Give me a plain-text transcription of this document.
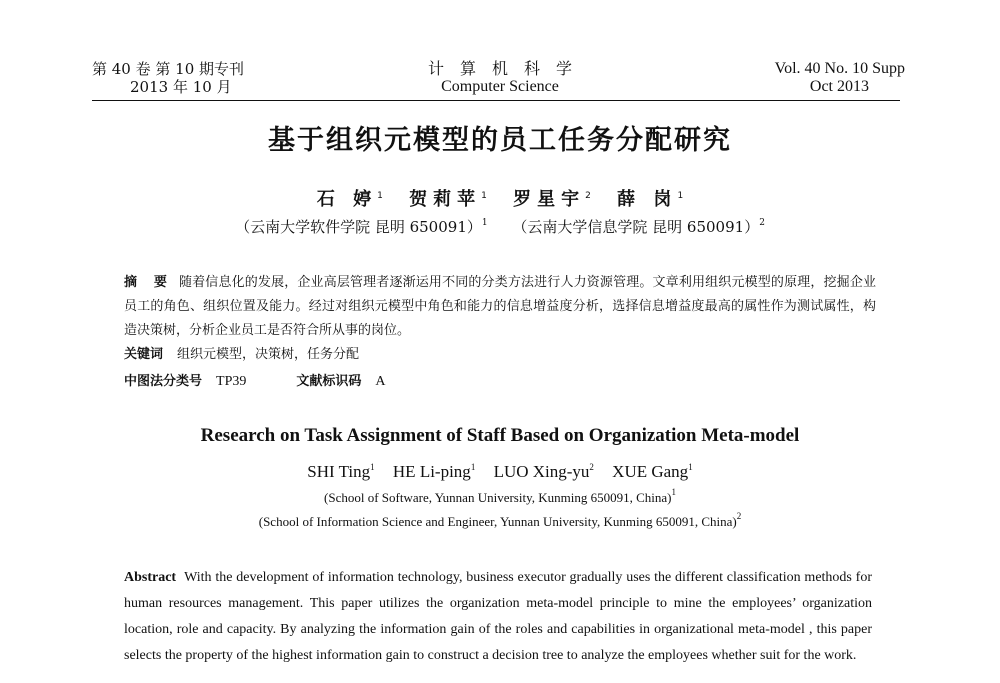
第 40 卷 第 10 期专刊
2013 年 10 月
计算机科学
Computer Science
Vol. 40 No. 10 Supp
Oct 2013
基于组织元模型的员工任务分配研究
石 婷$^1$ 贺莉苹$^1$ 罗星宇$^2$ 薛 岗$^1$
（云南大学软件学院 昆明 650091）$^1$ （云南大学信息学院 昆明 650091）$^2$
摘 要 随着信息化的发展，企业高层管理者逐渐运用不同的分类方法进行人力资源管理。文章利用组织元模型的原理，挖掘企业员工的角色、组织位置及能力。经过对组织元模型中角色和能力的信息增益度分析，选择信息增益度最高的属性作为测试属性，构造决策树，分析企业员工是否符合所从事的岗位。
关键词 组织元模型，决策树，任务分配
中图法分类号 TP39	文献标识码 A
Research on Task Assignment of Staff Based on Organization Meta-model
SHI Ting$^1$ HE Li-ping$^1$ LUO Xing-$yu^2$ XUE Gang$^1$
(School of Software, Yunnan University, Kunming 650091, China)$^1$
(School of Information Science and Engineer, Yunnan University, Kunming 650091, China)$^2$
Abstract With the development of information technology, business executor gradually uses the different classification methods for human resources management. This paper utilizes the organization meta-model principle to mine the employees’ organization location, role and capacity. By analyzing the information gain of the roles and capabilities in organizational meta-model , this paper selects the property of the highest information gain to construct a decision tree to analyze the employees whether suit for the work.
